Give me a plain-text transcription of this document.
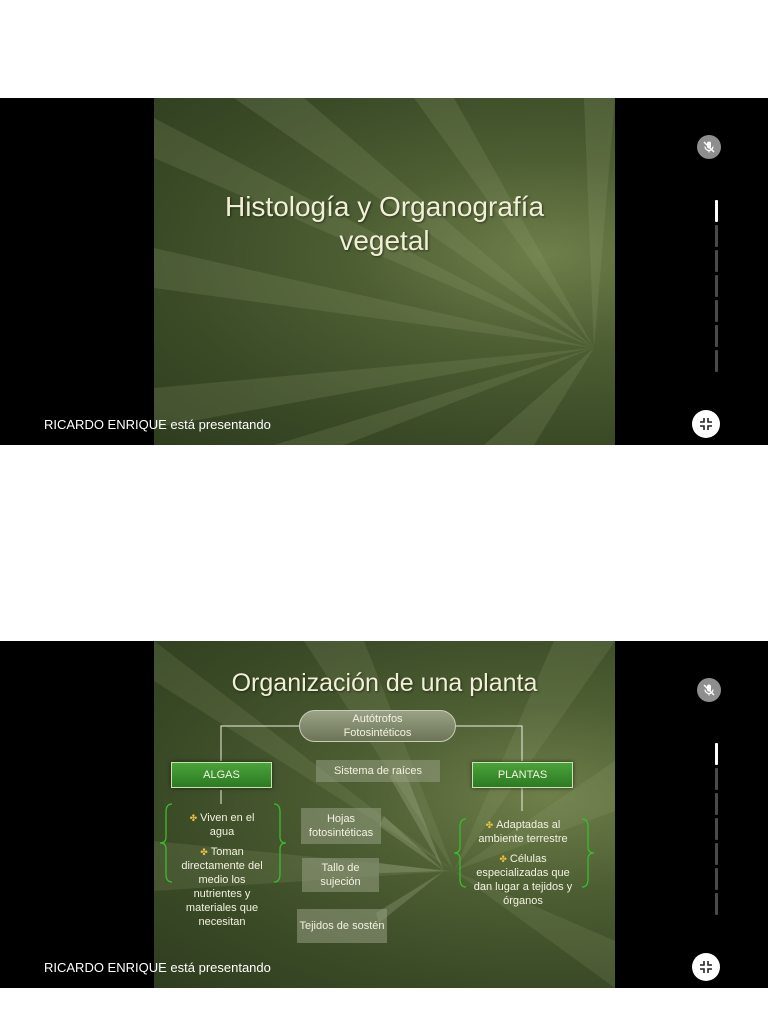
Histología y Organografía
vegetal
RICARDO ENRIQUE está presentando
Organización de una planta
Autótrofos
Fotosintéticos
ALGAS	PLANTAS
Sistema de raíces
Hojas fotosintéticas
Tallo de sujeción
Tejidos de sostén

✤ Viven en el agua

✤ Toman directamente del medio los nutrientes y materiales que necesitan

✤ Adaptadas al ambiente terrestre

✤ Células especializadas que dan lugar a tejidos y órganos

RICARDO ENRIQUE está presentando
